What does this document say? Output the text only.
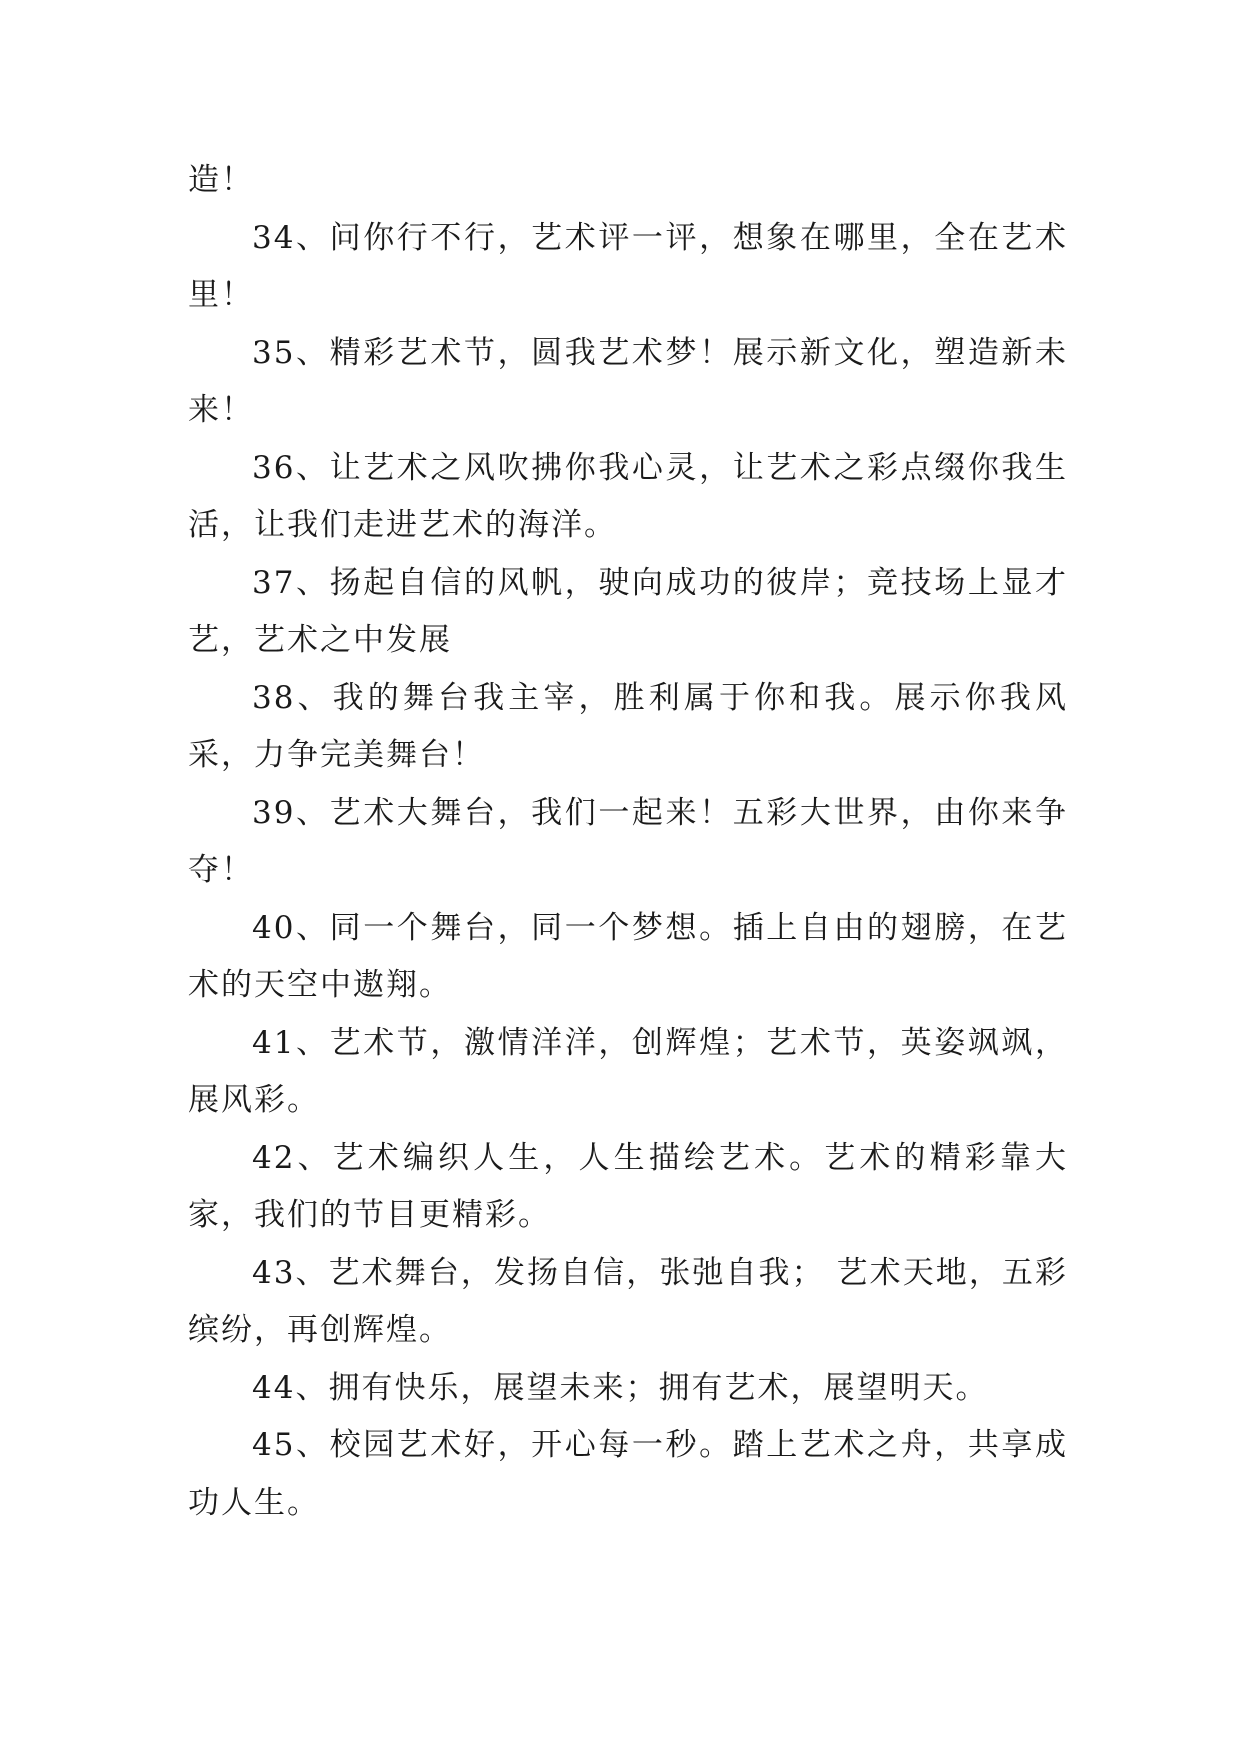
造！

34、问你行不行，艺术评一评，想象在哪里，全在艺术里！

35、精彩艺术节，圆我艺术梦！展示新文化，塑造新未来！

36、让艺术之风吹拂你我心灵，让艺术之彩点缀你我生活，让我们走进艺术的海洋。

37、扬起自信的风帆，驶向成功的彼岸；竞技场上显才艺，艺术之中发展

38、我的舞台我主宰，胜利属于你和我。展示你我风采，力争完美舞台！

39、艺术大舞台，我们一起来！五彩大世界，由你来争夺！

40、同一个舞台，同一个梦想。插上自由的翅膀，在艺术的天空中遨翔。

41、艺术节，激情洋洋，创辉煌；艺术节，英姿飒飒，展风彩。

42、艺术编织人生，人生描绘艺术。艺术的精彩靠大家，我们的节目更精彩。

43、艺术舞台，发扬自信，张弛自我； 艺术天地，五彩缤纷，再创辉煌。

44、拥有快乐，展望未来；拥有艺术，展望明天。

45、校园艺术好，开心每一秒。踏上艺术之舟，共享成功人生。
